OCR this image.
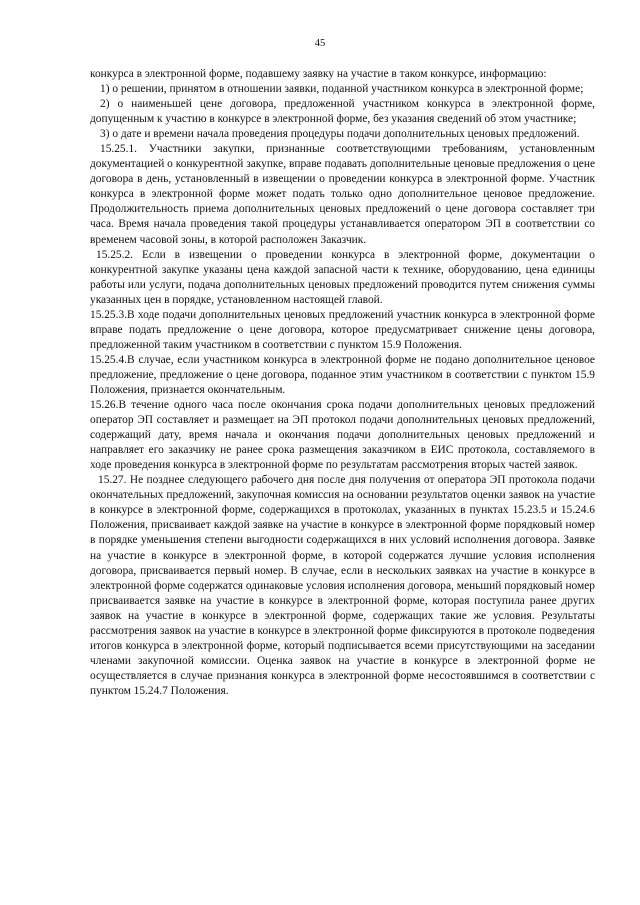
45

конкурса в электронной форме, подавшему заявку на участие в таком конкурсе, информацию:

1) о решении, принятом в отношении заявки, поданной участником конкурса в электронной форме;

2) о наименьшей цене договора, предложенной участником конкурса в электронной форме, допущенным к участию в конкурсе в электронной форме, без указания сведений об этом участнике;

3) о дате и времени начала проведения процедуры подачи дополнительных ценовых предложений.

15.25.1. Участники закупки, признанные соответствующими требованиям, установленным документацией о конкурентной закупке, вправе подавать дополнительные ценовые предложения о цене договора в день, установленный в извещении о проведении конкурса в электронной форме. Участник конкурса в электронной форме может подать только одно дополнительное ценовое предложение. Продолжительность приема дополнительных ценовых предложений о цене договора составляет три часа. Время начала проведения такой процедуры устанавливается оператором ЭП в соответствии со временем часовой зоны, в которой расположен Заказчик.

15.25.2. Если в извещении о проведении конкурса в электронной форме, документации о конкурентной закупке указаны цена каждой запасной части к технике, оборудованию, цена единицы работы или услуги, подача дополнительных ценовых предложений проводится путем снижения суммы указанных цен в порядке, установленном настоящей главой.

15.25.3.В ходе подачи дополнительных ценовых предложений участник конкурса в электронной форме вправе подать предложение о цене договора, которое предусматривает снижение цены договора, предложенной таким участником в соответствии с пунктом 15.9 Положения.

15.25.4.В случае, если участником конкурса в электронной форме не подано дополнительное ценовое предложение, предложение о цене договора, поданное этим участником в соответствии с пунктом 15.9 Положения, признается окончательным.

15.26.В течение одного часа после окончания срока подачи дополнительных ценовых предложений оператор ЭП составляет и размещает на ЭП протокол подачи дополнительных ценовых предложений, содержащий дату, время начала и окончания подачи дополнительных ценовых предложений и направляет его заказчику не ранее срока размещения заказчиком в ЕИС протокола, составляемого в ходе проведения конкурса в электронной форме по результатам рассмотрения вторых частей заявок.

15.27. Не позднее следующего рабочего дня после дня получения от оператора ЭП протокола подачи окончательных предложений, закупочная комиссия на основании результатов оценки заявок на участие в конкурсе в электронной форме, содержащихся в протоколах, указанных в пунктах 15.23.5 и 15.24.6 Положения, присваивает каждой заявке на участие в конкурсе в электронной форме порядковый номер в порядке уменьшения степени выгодности содержащихся в них условий исполнения договора. Заявке на участие в конкурсе в электронной форме, в которой содержатся лучшие условия исполнения договора, присваивается первый номер. В случае, если в нескольких заявках на участие в конкурсе в электронной форме содержатся одинаковые условия исполнения договора, меньший порядковый номер присваивается заявке на участие в конкурсе в электронной форме, которая поступила ранее других заявок на участие в конкурсе в электронной форме, содержащих такие же условия. Результаты рассмотрения заявок на участие в конкурсе в электронной форме фиксируются в протоколе подведения итогов конкурса в электронной форме, который подписывается всеми присутствующими на заседании членами закупочной комиссии. Оценка заявок на участие в конкурсе в электронной форме не осуществляется в случае признания конкурса в электронной форме несостоявшимся в соответствии с пунктом 15.24.7 Положения.
